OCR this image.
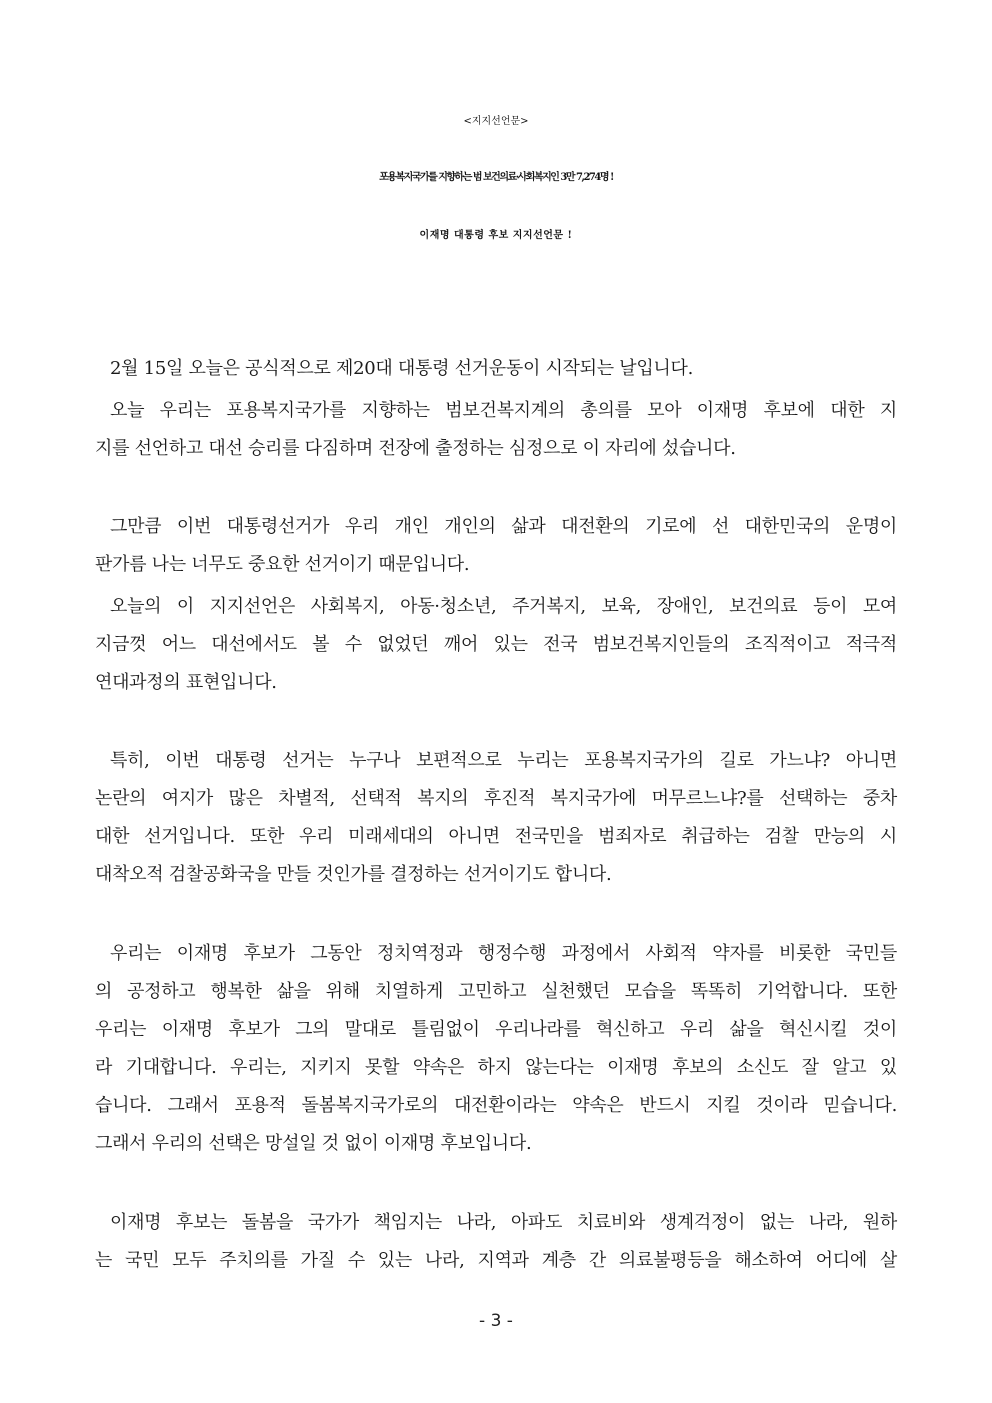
<지지선언문>
포용복지국가를 지향하는 범 보건의료·사회복지인 3만 7,274명 !
이재명 대통령 후보 지지선언문 !
2월 15일 오늘은 공식적으로 제20대 대통령 선거운동이 시작되는 날입니다.
오늘 우리는 포용복지국가를 지향하는 범보건복지계의 총의를 모아 이재명 후보에 대한 지
지를 선언하고 대선 승리를 다짐하며 전장에 출정하는 심정으로 이 자리에 섰습니다.
그만큼 이번 대통령선거가 우리 개인 개인의 삶과 대전환의 기로에 선 대한민국의 운명이
판가름 나는 너무도 중요한 선거이기 때문입니다.
오늘의 이 지지선언은 사회복지, 아동·청소년, 주거복지, 보육, 장애인, 보건의료 등이 모여
지금껏 어느 대선에서도 볼 수 없었던 깨어 있는 전국 범보건복지인들의 조직적이고 적극적
연대과정의 표현입니다.
특히, 이번 대통령 선거는 누구나 보편적으로 누리는 포용복지국가의 길로 가느냐? 아니면
논란의 여지가 많은 차별적, 선택적 복지의 후진적 복지국가에 머무르느냐?를 선택하는 중차
대한 선거입니다. 또한 우리 미래세대의 아니면 전국민을 범죄자로 취급하는 검찰 만능의 시
대착오적 검찰공화국을 만들 것인가를 결정하는 선거이기도 합니다.
우리는 이재명 후보가 그동안 정치역정과 행정수행 과정에서 사회적 약자를 비롯한 국민들
의 공정하고 행복한 삶을 위해 치열하게 고민하고 실천했던 모습을 똑똑히 기억합니다. 또한
우리는 이재명 후보가 그의 말대로 틀림없이 우리나라를 혁신하고 우리 삶을 혁신시킬 것이
라 기대합니다. 우리는, 지키지 못할 약속은 하지 않는다는 이재명 후보의 소신도 잘 알고 있
습니다. 그래서 포용적 돌봄복지국가로의 대전환이라는 약속은 반드시 지킬 것이라 믿습니다.
그래서 우리의 선택은 망설일 것 없이 이재명 후보입니다.
이재명 후보는 돌봄을 국가가 책임지는 나라, 아파도 치료비와 생계걱정이 없는 나라, 원하
는 국민 모두 주치의를 가질 수 있는 나라, 지역과 계층 간 의료불평등을 해소하여 어디에 살
- 3 -
